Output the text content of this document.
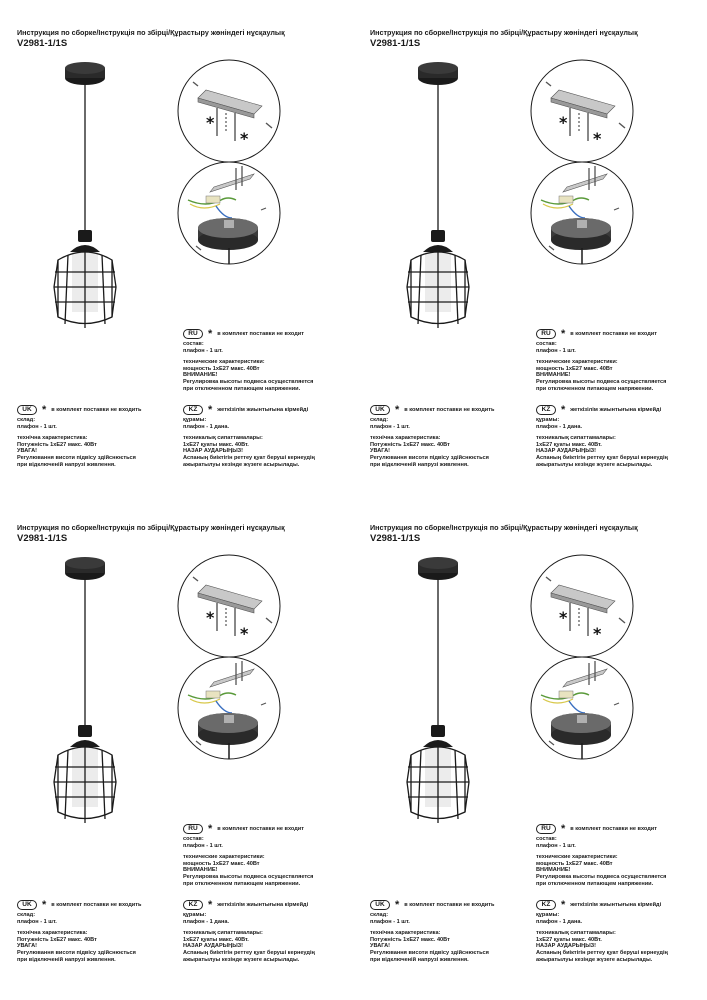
Инструкция по сборке/Інструкція по збірці/Құрастыру жөніндегі нұсқаулық
V2981-1/1S
*
*
RU * в комплект поставки не входит

состав:

плафон - 1 шт.

технические характеристики:

мощность 1хЕ27 макс. 40Вт

ВНИМАНИЕ!

Регулировка высоты подвеса осуществляется

при отключенном питающем напряжении.

UK * в комплект поставки не входить

склад:

плафон - 1 шт.

технічна характеристика:

Потужність 1хЕ27 макс. 40Вт

УВАГА!

Регулювання висоти підвісу здійснюється

при відключеній напрузі живлення.

KZ * жеткізілім жиынтығына кірмейді

құрамы:

плафон - 1 дана.

техникалық сипаттамалары:

1хЕ27 қуаты макс. 40Вт.

НАЗАР АУДАРЫҢЫЗ!

Аспаның биіктігін реттеу қуат беруші кернеудің

ажыратылуы кезінде жүзеге асырылады.

Инструкция по сборке/Інструкція по збірці/Құрастыру жөніндегі нұсқаулық
V2981-1/1S
*
*
RU * в комплект поставки не входит

состав:

плафон - 1 шт.

технические характеристики:

мощность 1хЕ27 макс. 40Вт

ВНИМАНИЕ!

Регулировка высоты подвеса осуществляется

при отключенном питающем напряжении.

UK * в комплект поставки не входить

склад:

плафон - 1 шт.

технічна характеристика:

Потужність 1хЕ27 макс. 40Вт

УВАГА!

Регулювання висоти підвісу здійснюється

при відключеній напрузі живлення.

KZ * жеткізілім жиынтығына кірмейді

құрамы:

плафон - 1 дана.

техникалық сипаттамалары:

1хЕ27 қуаты макс. 40Вт.

НАЗАР АУДАРЫҢЫЗ!

Аспаның биіктігін реттеу қуат беруші кернеудің

ажыратылуы кезінде жүзеге асырылады.

Инструкция по сборке/Інструкція по збірці/Құрастыру жөніндегі нұсқаулық
V2981-1/1S
*
*
RU * в комплект поставки не входит

состав:

плафон - 1 шт.

технические характеристики:

мощность 1хЕ27 макс. 40Вт

ВНИМАНИЕ!

Регулировка высоты подвеса осуществляется

при отключенном питающем напряжении.

UK * в комплект поставки не входить

склад:

плафон - 1 шт.

технічна характеристика:

Потужність 1хЕ27 макс. 40Вт

УВАГА!

Регулювання висоти підвісу здійснюється

при відключеній напрузі живлення.

KZ * жеткізілім жиынтығына кірмейді

құрамы:

плафон - 1 дана.

техникалық сипаттамалары:

1хЕ27 қуаты макс. 40Вт.

НАЗАР АУДАРЫҢЫЗ!

Аспаның биіктігін реттеу қуат беруші кернеудің

ажыратылуы кезінде жүзеге асырылады.

Инструкция по сборке/Інструкція по збірці/Құрастыру жөніндегі нұсқаулық
V2981-1/1S
*
*
RU * в комплект поставки не входит

состав:

плафон - 1 шт.

технические характеристики:

мощность 1хЕ27 макс. 40Вт

ВНИМАНИЕ!

Регулировка высоты подвеса осуществляется

при отключенном питающем напряжении.

UK * в комплект поставки не входить

склад:

плафон - 1 шт.

технічна характеристика:

Потужність 1хЕ27 макс. 40Вт

УВАГА!

Регулювання висоти підвісу здійснюється

при відключеній напрузі живлення.

KZ * жеткізілім жиынтығына кірмейді

құрамы:

плафон - 1 дана.

техникалық сипаттамалары:

1хЕ27 қуаты макс. 40Вт.

НАЗАР АУДАРЫҢЫЗ!

Аспаның биіктігін реттеу қуат беруші кернеудің

ажыратылуы кезінде жүзеге асырылады.
